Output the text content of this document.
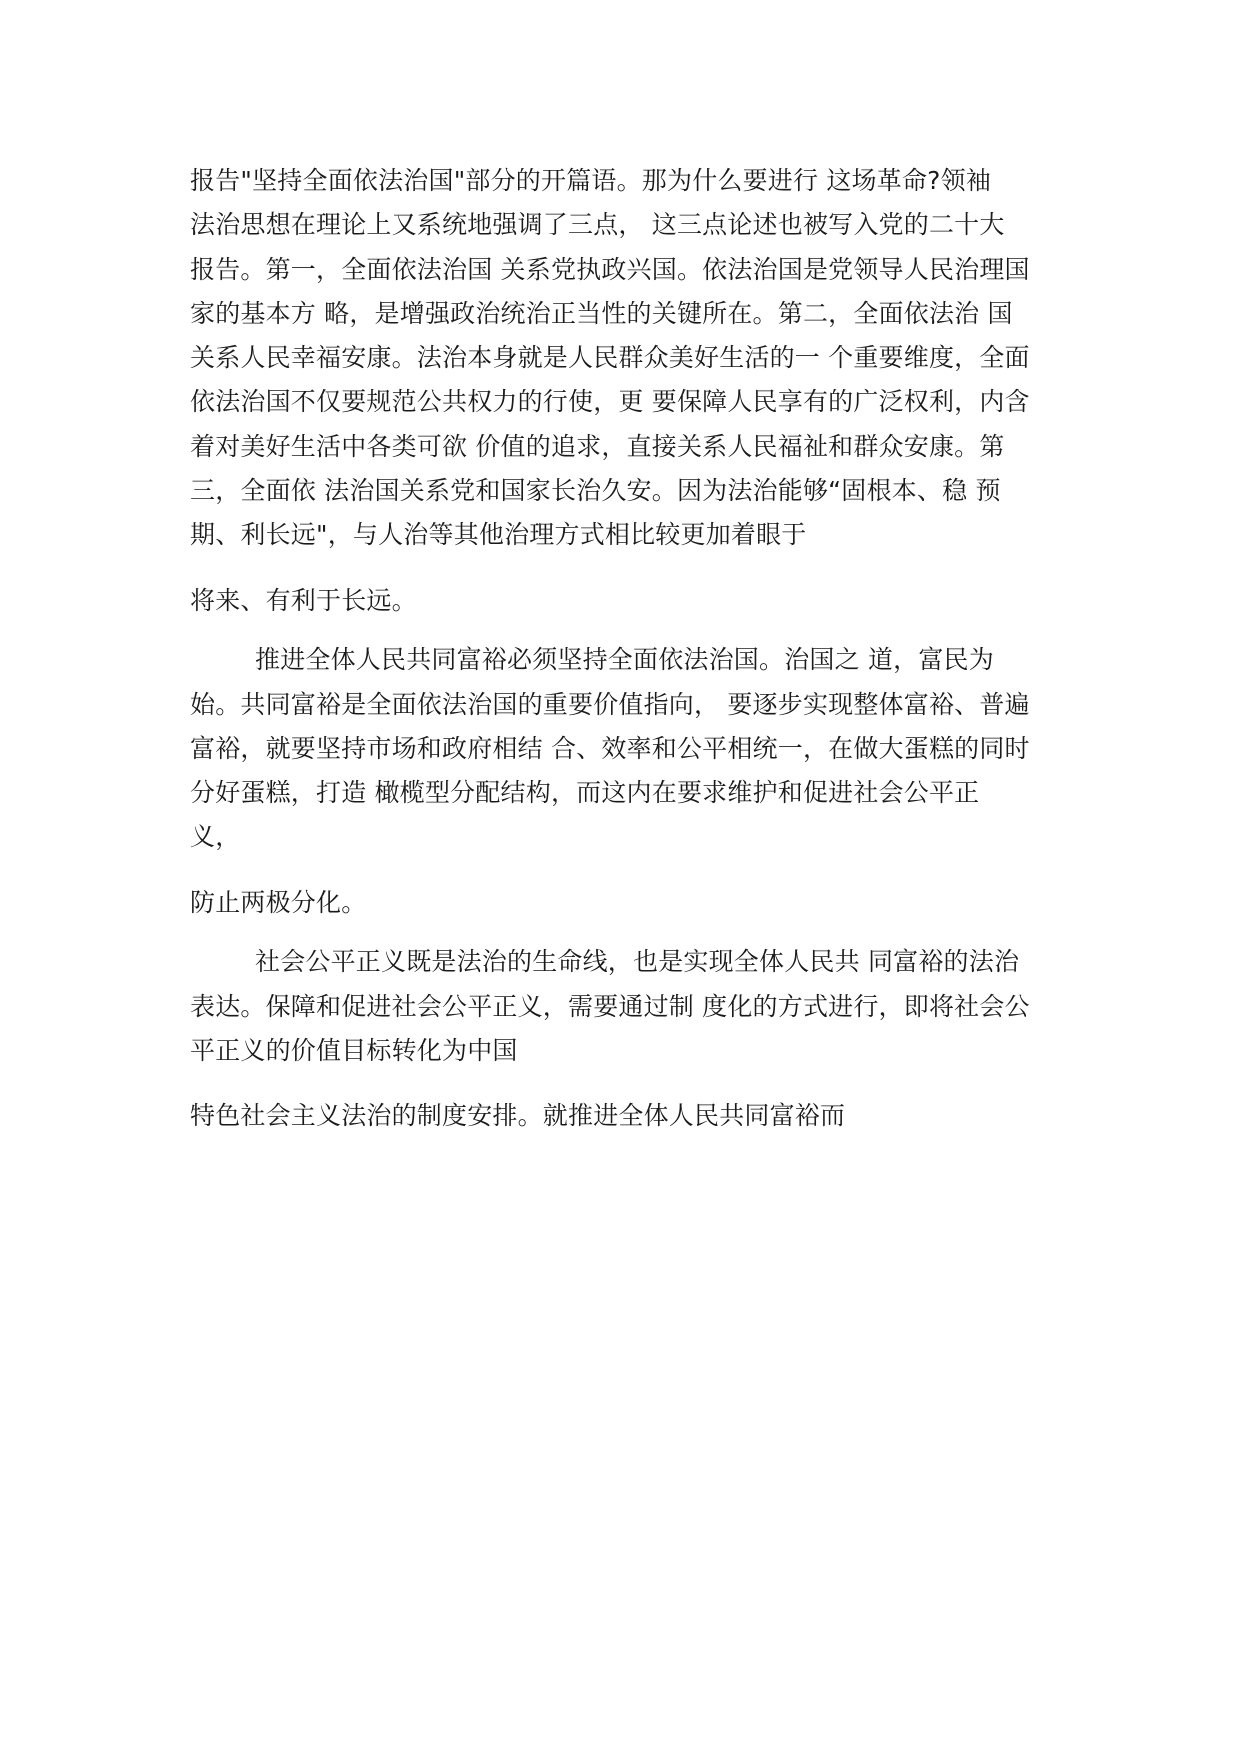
报告"坚持全面依法治国"部分的开篇语。那为什么要进行 这场革命?领袖
法治思想在理论上又系统地强调了三点， 这三点论述也被写入党的二十大
报告。第一，全面依法治国 关系党执政兴国。依法治国是党领导人民治理国
家的基本方 略，是增强政治统治正当性的关键所在。第二，全面依法治 国
关系人民幸福安康。法治本身就是人民群众美好生活的一 个重要维度，全面
依法治国不仅要规范公共权力的行使，更 要保障人民享有的广泛权利，内含
着对美好生活中各类可欲 价值的追求，直接关系人民福祉和群众安康。第
三，全面依 法治国关系党和国家长治久安。因为法治能够“固根本、稳 预
期、利长远"，与人治等其他治理方式相比较更加着眼于
将来、有利于长远。
推进全体人民共同富裕必须坚持全面依法治国。治国之 道，富民为
始。共同富裕是全面依法治国的重要价值指向， 要逐步实现整体富裕、普遍
富裕，就要坚持市场和政府相结 合、效率和公平相统一，在做大蛋糕的同时
分好蛋糕，打造 橄榄型分配结构，而这内在要求维护和促进社会公平正
义，
防止两极分化。
社会公平正义既是法治的生命线，也是实现全体人民共 同富裕的法治
表达。保障和促进社会公平正义，需要通过制 度化的方式进行，即将社会公
平正义的价值目标转化为中国
特色社会主义法治的制度安排。就推进全体人民共同富裕而
